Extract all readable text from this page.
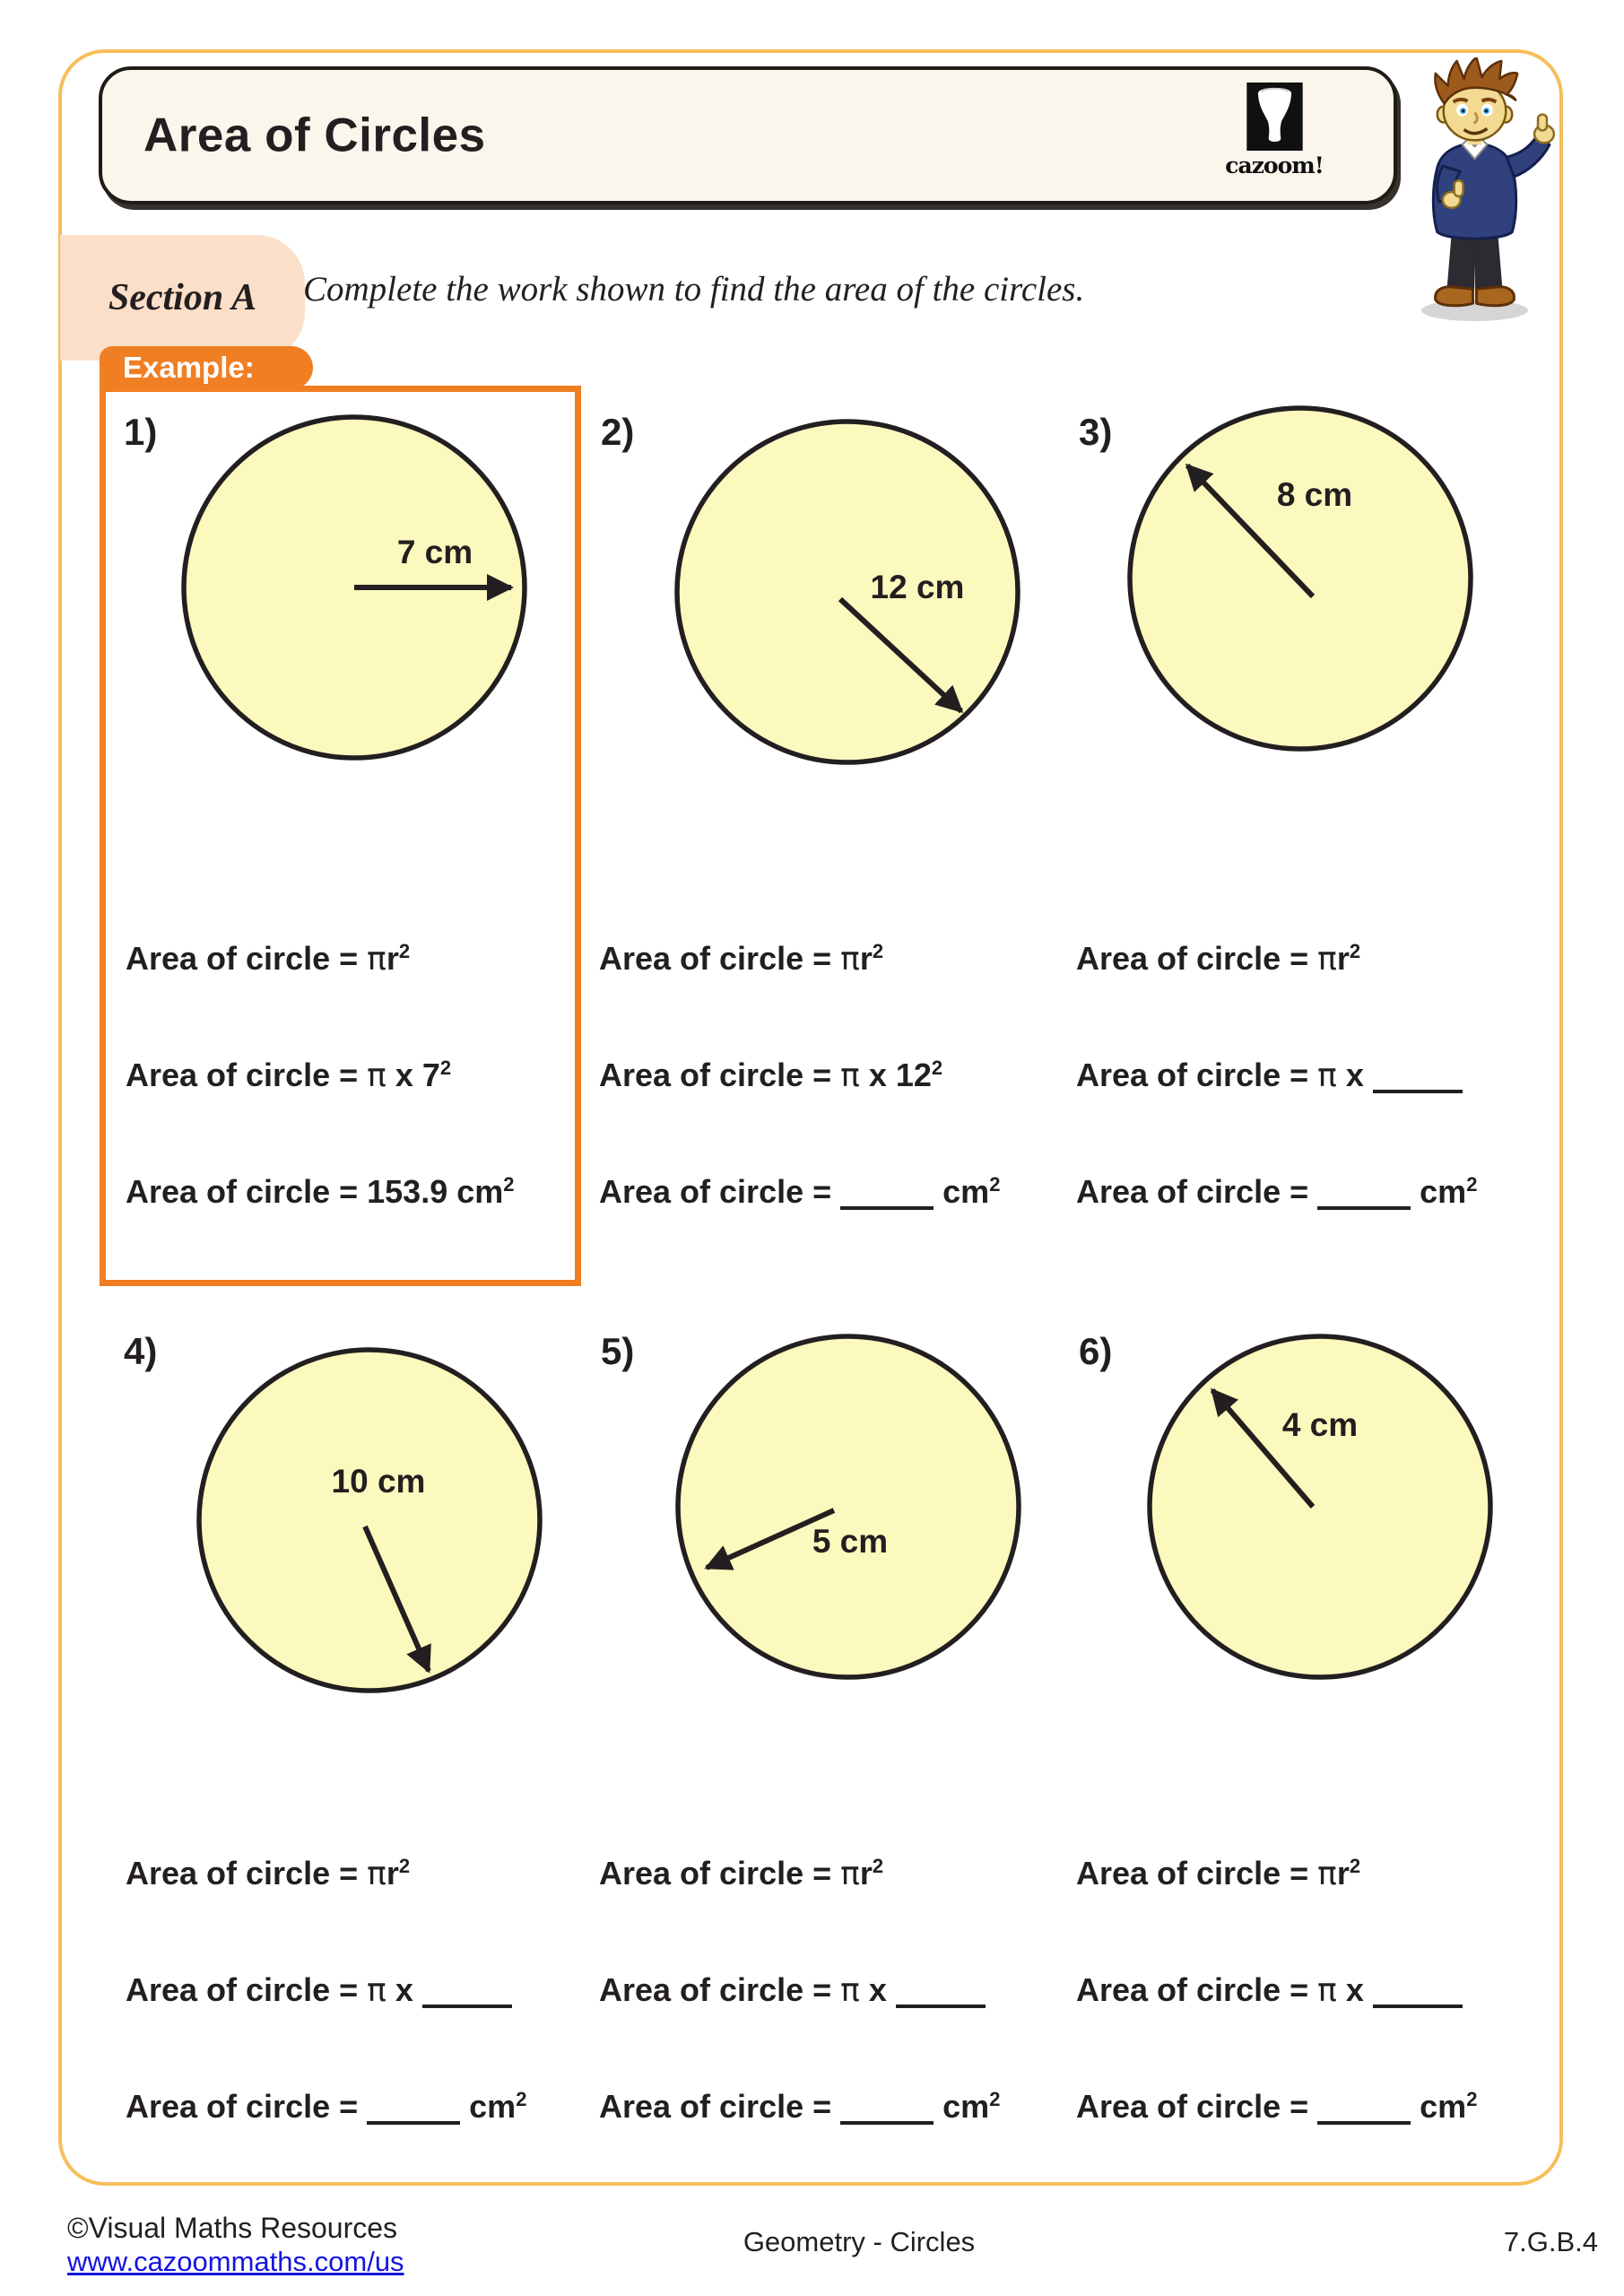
Area of Circles
cazoom!
Section A Complete the work shown to find the area of the circles.
Example:
1)	2)	3)
4)	5)	6)
7 cm
12 cm
8 cm
10 cm
5 cm
4 cm
Area of circle = $\pi r^2$
Area of circle = π x $7^2$
Area of circle = 153.9 $cm^2$
Area of circle = $\pi r^2$
Area of circle = π x $12^2$
Area of circle =	$cm^2$
Area of circle = $\pi r^2$
Area of circle = π x
Area of circle =	$cm^2$
Area of circle = $\pi r^2$
Area of circle = π x
Area of circle =	$cm^2$
Area of circle = $\pi r^2$
Area of circle = π x
Area of circle =	$cm^2$
Area of circle = $\pi r^2$
Area of circle = π x
Area of circle =	$cm^2$
©Visual Maths Resources
www.cazoommaths.com/us
Geometry - Circles	7.G.B.4
